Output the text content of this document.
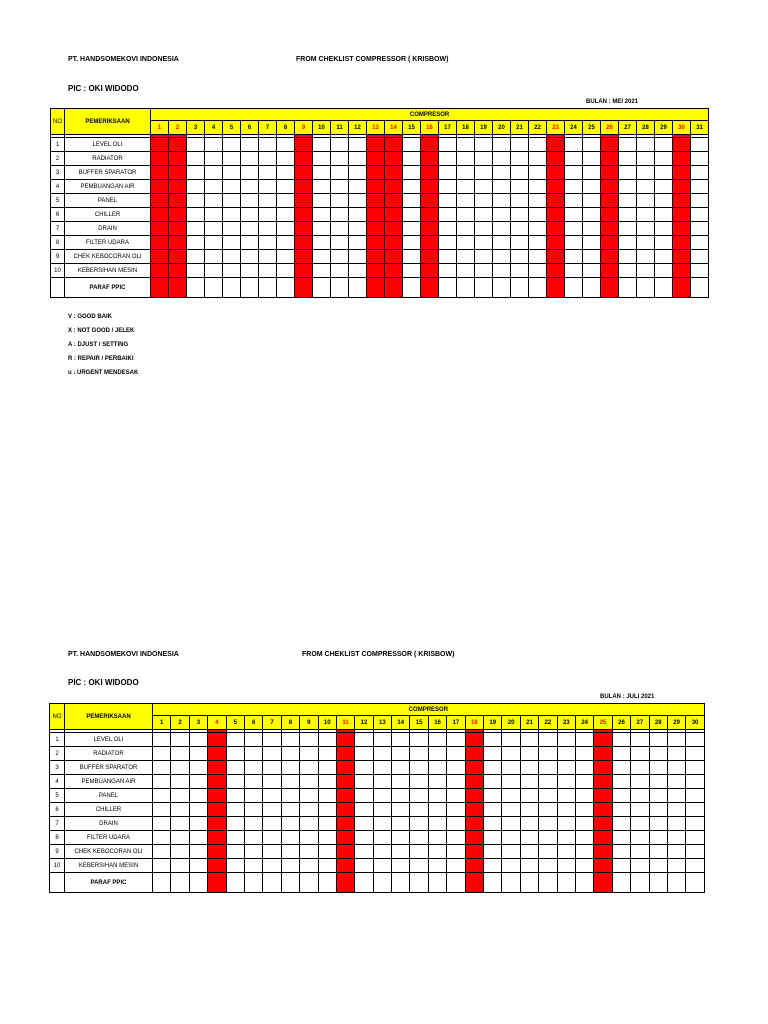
PT. HANDSOMEKOVI INDONESIA	FROM CHEKLIST COMPRESSOR ( KRISBOW)
PIC : OKI WIDODO
BULAN : MEI 2021
NO	PEMERIKSAAN	COMPRESOR																														
		1	2	3	4	5	6	7	8	9	10	11	12	13	14	15	16	17	18	19	20	21	22	23	24	25	26	27	28	29	30	31

1	LEVEL OLI																															
2	RADIATOR																															
3	BUFFER SPARATOR																															
4	PEMBUANGAN AIR																															
5	PANEL																															
6	CHILLER																															
7	DRAIN																															
8	FILTER UDARA																															
9	CHEK KEBOCORAN OLI																															
10	KEBERSIHAN MESIN																															
	PARAF PPIC																															
V : GOOD BAIK
X : NOT GOOD / JELEK
A : DJUST / SETTING
R : REPAIR / PERBAIKI
u : URGENT MENDESAK
PT. HANDSOMEKOVI INDONESIA	FROM CHEKLIST COMPRESSOR ( KRISBOW)
PIC : OKI WIDODO
BULAN : JULI 2021
NO	PEMERIKSAAN	COMPRESOR																													
		1	2	3	4	5	6	7	8	9	10	11	12	13	14	15	16	17	18	19	20	21	22	23	24	25	26	27	28	29	30

1	LEVEL OLI																														
2	RADIATOR																														
3	BUFFER SPARATOR																														
4	PEMBUANGAN AIR																														
5	PANEL																														
6	CHILLER																														
7	DRAIN																														
8	FILTER UDARA																														
9	CHEK KEBOCORAN OLI																														
10	KEBERSIHAN MESIN																														
	PARAF PPIC																														
